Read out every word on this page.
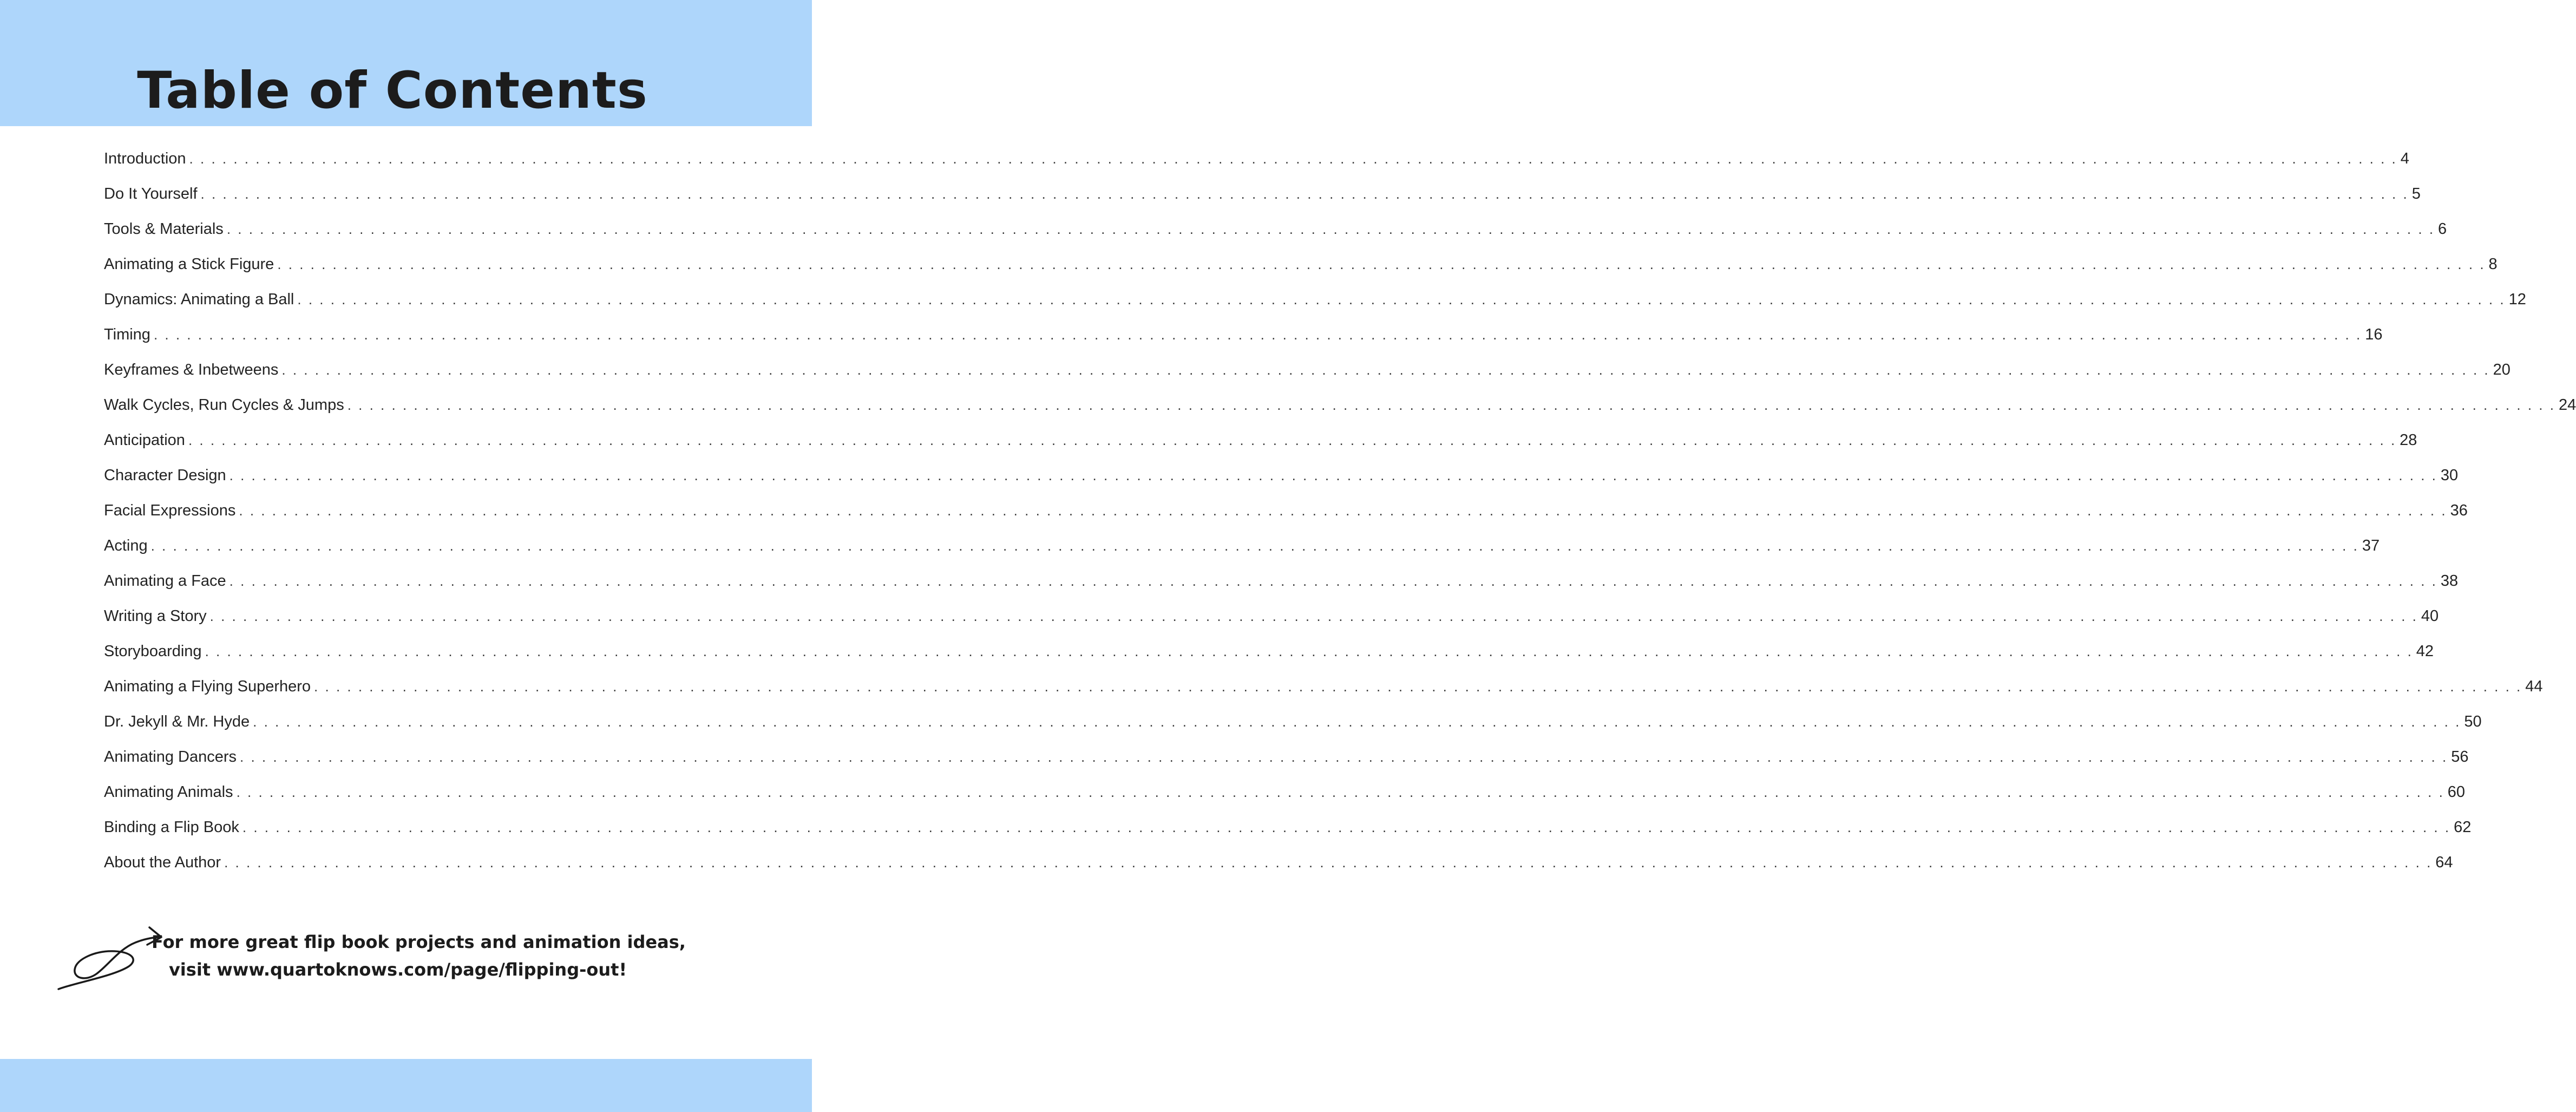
Table of Contents
Introduction . . . . . . . . . . . . . . . . . . . . . . . . . . . . . . . . . . . . . . . . . . . . . . . . . . . . . . . . . . . . . . . . . . . . . . . . . . . . . . . . . . . . . . . . . . . . . . . . . . . . . . . . . . . . . . . . . . . . . . . . . . . . . . . . . . . . . . . . . . . . . . . . . . . . . . . . . . . . . . . . . . . . . . . . . . . . . . . . . . . . . . . . . . . . . . . . . . . . . . . . 4
Do It Yourself . . . . . . . . . . . . . . . . . . . . . . . . . . . . . . . . . . . . . . . . . . . . . . . . . . . . . . . . . . . . . . . . . . . . . . . . . . . . . . . . . . . . . . . . . . . . . . . . . . . . . . . . . . . . . . . . . . . . . . . . . . . . . . . . . . . . . . . . . . . . . . . . . . . . . . . . . . . . . . . . . . . . . . . . . . . . . . . . . . . . . . . . . . . . . . . . . . . . . . . . 5
Tools & Materials . . . . . . . . . . . . . . . . . . . . . . . . . . . . . . . . . . . . . . . . . . . . . . . . . . . . . . . . . . . . . . . . . . . . . . . . . . . . . . . . . . . . . . . . . . . . . . . . . . . . . . . . . . . . . . . . . . . . . . . . . . . . . . . . . . . . . . . . . . . . . . . . . . . . . . . . . . . . . . . . . . . . . . . . . . . . . . . . . . . . . . . . . . . . . . . . . . . . . . . . 6
Animating a Stick Figure . . . . . . . . . . . . . . . . . . . . . . . . . . . . . . . . . . . . . . . . . . . . . . . . . . . . . . . . . . . . . . . . . . . . . . . . . . . . . . . . . . . . . . . . . . . . . . . . . . . . . . . . . . . . . . . . . . . . . . . . . . . . . . . . . . . . . . . . . . . . . . . . . . . . . . . . . . . . . . . . . . . . . . . . . . . . . . . . . . . . . . . . . . . . . . . . . . . . . . . . 8
Dynamics: Animating a Ball . . . . . . . . . . . . . . . . . . . . . . . . . . . . . . . . . . . . . . . . . . . . . . . . . . . . . . . . . . . . . . . . . . . . . . . . . . . . . . . . . . . . . . . . . . . . . . . . . . . . . . . . . . . . . . . . . . . . . . . . . . . . . . . . . . . . . . . . . . . . . . . . . . . . . . . . . . . . . . . . . . . . . . . . . . . . . . . . . . . . . . . . . . . . . . . . . . . . . . . . 12
Timing . . . . . . . . . . . . . . . . . . . . . . . . . . . . . . . . . . . . . . . . . . . . . . . . . . . . . . . . . . . . . . . . . . . . . . . . . . . . . . . . . . . . . . . . . . . . . . . . . . . . . . . . . . . . . . . . . . . . . . . . . . . . . . . . . . . . . . . . . . . . . . . . . . . . . . . . . . . . . . . . . . . . . . . . . . . . . . . . . . . . . . . . . . . . . . . . . . . . . . . . 16
Keyframes & Inbetweens . . . . . . . . . . . . . . . . . . . . . . . . . . . . . . . . . . . . . . . . . . . . . . . . . . . . . . . . . . . . . . . . . . . . . . . . . . . . . . . . . . . . . . . . . . . . . . . . . . . . . . . . . . . . . . . . . . . . . . . . . . . . . . . . . . . . . . . . . . . . . . . . . . . . . . . . . . . . . . . . . . . . . . . . . . . . . . . . . . . . . . . . . . . . . . . . . . . . . . . . 20
Walk Cycles, Run Cycles & Jumps . . . . . . . . . . . . . . . . . . . . . . . . . . . . . . . . . . . . . . . . . . . . . . . . . . . . . . . . . . . . . . . . . . . . . . . . . . . . . . . . . . . . . . . . . . . . . . . . . . . . . . . . . . . . . . . . . . . . . . . . . . . . . . . . . . . . . . . . . . . . . . . . . . . . . . . . . . . . . . . . . . . . . . . . . . . . . . . . . . . . . . . . . . . . . . . . . . . . . . . . 24
Anticipation . . . . . . . . . . . . . . . . . . . . . . . . . . . . . . . . . . . . . . . . . . . . . . . . . . . . . . . . . . . . . . . . . . . . . . . . . . . . . . . . . . . . . . . . . . . . . . . . . . . . . . . . . . . . . . . . . . . . . . . . . . . . . . . . . . . . . . . . . . . . . . . . . . . . . . . . . . . . . . . . . . . . . . . . . . . . . . . . . . . . . . . . . . . . . . . . . . . . . . . . 28
Character Design . . . . . . . . . . . . . . . . . . . . . . . . . . . . . . . . . . . . . . . . . . . . . . . . . . . . . . . . . . . . . . . . . . . . . . . . . . . . . . . . . . . . . . . . . . . . . . . . . . . . . . . . . . . . . . . . . . . . . . . . . . . . . . . . . . . . . . . . . . . . . . . . . . . . . . . . . . . . . . . . . . . . . . . . . . . . . . . . . . . . . . . . . . . . . . . . . . . . . . . . 30
Facial Expressions . . . . . . . . . . . . . . . . . . . . . . . . . . . . . . . . . . . . . . . . . . . . . . . . . . . . . . . . . . . . . . . . . . . . . . . . . . . . . . . . . . . . . . . . . . . . . . . . . . . . . . . . . . . . . . . . . . . . . . . . . . . . . . . . . . . . . . . . . . . . . . . . . . . . . . . . . . . . . . . . . . . . . . . . . . . . . . . . . . . . . . . . . . . . . . . . . . . . . . . . 36
Acting . . . . . . . . . . . . . . . . . . . . . . . . . . . . . . . . . . . . . . . . . . . . . . . . . . . . . . . . . . . . . . . . . . . . . . . . . . . . . . . . . . . . . . . . . . . . . . . . . . . . . . . . . . . . . . . . . . . . . . . . . . . . . . . . . . . . . . . . . . . . . . . . . . . . . . . . . . . . . . . . . . . . . . . . . . . . . . . . . . . . . . . . . . . . . . . . . . . . . . . . 37
Animating a Face . . . . . . . . . . . . . . . . . . . . . . . . . . . . . . . . . . . . . . . . . . . . . . . . . . . . . . . . . . . . . . . . . . . . . . . . . . . . . . . . . . . . . . . . . . . . . . . . . . . . . . . . . . . . . . . . . . . . . . . . . . . . . . . . . . . . . . . . . . . . . . . . . . . . . . . . . . . . . . . . . . . . . . . . . . . . . . . . . . . . . . . . . . . . . . . . . . . . . . . . 38
Writing a Story . . . . . . . . . . . . . . . . . . . . . . . . . . . . . . . . . . . . . . . . . . . . . . . . . . . . . . . . . . . . . . . . . . . . . . . . . . . . . . . . . . . . . . . . . . . . . . . . . . . . . . . . . . . . . . . . . . . . . . . . . . . . . . . . . . . . . . . . . . . . . . . . . . . . . . . . . . . . . . . . . . . . . . . . . . . . . . . . . . . . . . . . . . . . . . . . . . . . . . . . 40
Storyboarding . . . . . . . . . . . . . . . . . . . . . . . . . . . . . . . . . . . . . . . . . . . . . . . . . . . . . . . . . . . . . . . . . . . . . . . . . . . . . . . . . . . . . . . . . . . . . . . . . . . . . . . . . . . . . . . . . . . . . . . . . . . . . . . . . . . . . . . . . . . . . . . . . . . . . . . . . . . . . . . . . . . . . . . . . . . . . . . . . . . . . . . . . . . . . . . . . . . . . . . . 42
Animating a Flying Superhero . . . . . . . . . . . . . . . . . . . . . . . . . . . . . . . . . . . . . . . . . . . . . . . . . . . . . . . . . . . . . . . . . . . . . . . . . . . . . . . . . . . . . . . . . . . . . . . . . . . . . . . . . . . . . . . . . . . . . . . . . . . . . . . . . . . . . . . . . . . . . . . . . . . . . . . . . . . . . . . . . . . . . . . . . . . . . . . . . . . . . . . . . . . . . . . . . . . . . . . . 44
Dr. Jekyll & Mr. Hyde . . . . . . . . . . . . . . . . . . . . . . . . . . . . . . . . . . . . . . . . . . . . . . . . . . . . . . . . . . . . . . . . . . . . . . . . . . . . . . . . . . . . . . . . . . . . . . . . . . . . . . . . . . . . . . . . . . . . . . . . . . . . . . . . . . . . . . . . . . . . . . . . . . . . . . . . . . . . . . . . . . . . . . . . . . . . . . . . . . . . . . . . . . . . . . . . . . . . . . . . 50
Animating Dancers . . . . . . . . . . . . . . . . . . . . . . . . . . . . . . . . . . . . . . . . . . . . . . . . . . . . . . . . . . . . . . . . . . . . . . . . . . . . . . . . . . . . . . . . . . . . . . . . . . . . . . . . . . . . . . . . . . . . . . . . . . . . . . . . . . . . . . . . . . . . . . . . . . . . . . . . . . . . . . . . . . . . . . . . . . . . . . . . . . . . . . . . . . . . . . . . . . . . . . . . 56
Animating Animals . . . . . . . . . . . . . . . . . . . . . . . . . . . . . . . . . . . . . . . . . . . . . . . . . . . . . . . . . . . . . . . . . . . . . . . . . . . . . . . . . . . . . . . . . . . . . . . . . . . . . . . . . . . . . . . . . . . . . . . . . . . . . . . . . . . . . . . . . . . . . . . . . . . . . . . . . . . . . . . . . . . . . . . . . . . . . . . . . . . . . . . . . . . . . . . . . . . . . . . . 60
Binding a Flip Book . . . . . . . . . . . . . . . . . . . . . . . . . . . . . . . . . . . . . . . . . . . . . . . . . . . . . . . . . . . . . . . . . . . . . . . . . . . . . . . . . . . . . . . . . . . . . . . . . . . . . . . . . . . . . . . . . . . . . . . . . . . . . . . . . . . . . . . . . . . . . . . . . . . . . . . . . . . . . . . . . . . . . . . . . . . . . . . . . . . . . . . . . . . . . . . . . . . . . . . . 62
About the Author . . . . . . . . . . . . . . . . . . . . . . . . . . . . . . . . . . . . . . . . . . . . . . . . . . . . . . . . . . . . . . . . . . . . . . . . . . . . . . . . . . . . . . . . . . . . . . . . . . . . . . . . . . . . . . . . . . . . . . . . . . . . . . . . . . . . . . . . . . . . . . . . . . . . . . . . . . . . . . . . . . . . . . . . . . . . . . . . . . . . . . . . . . . . . . . . . . . . . . . . 64
For more great flip book projects and animation ideas,
visit www.quartoknows.com/page/flipping-out!
